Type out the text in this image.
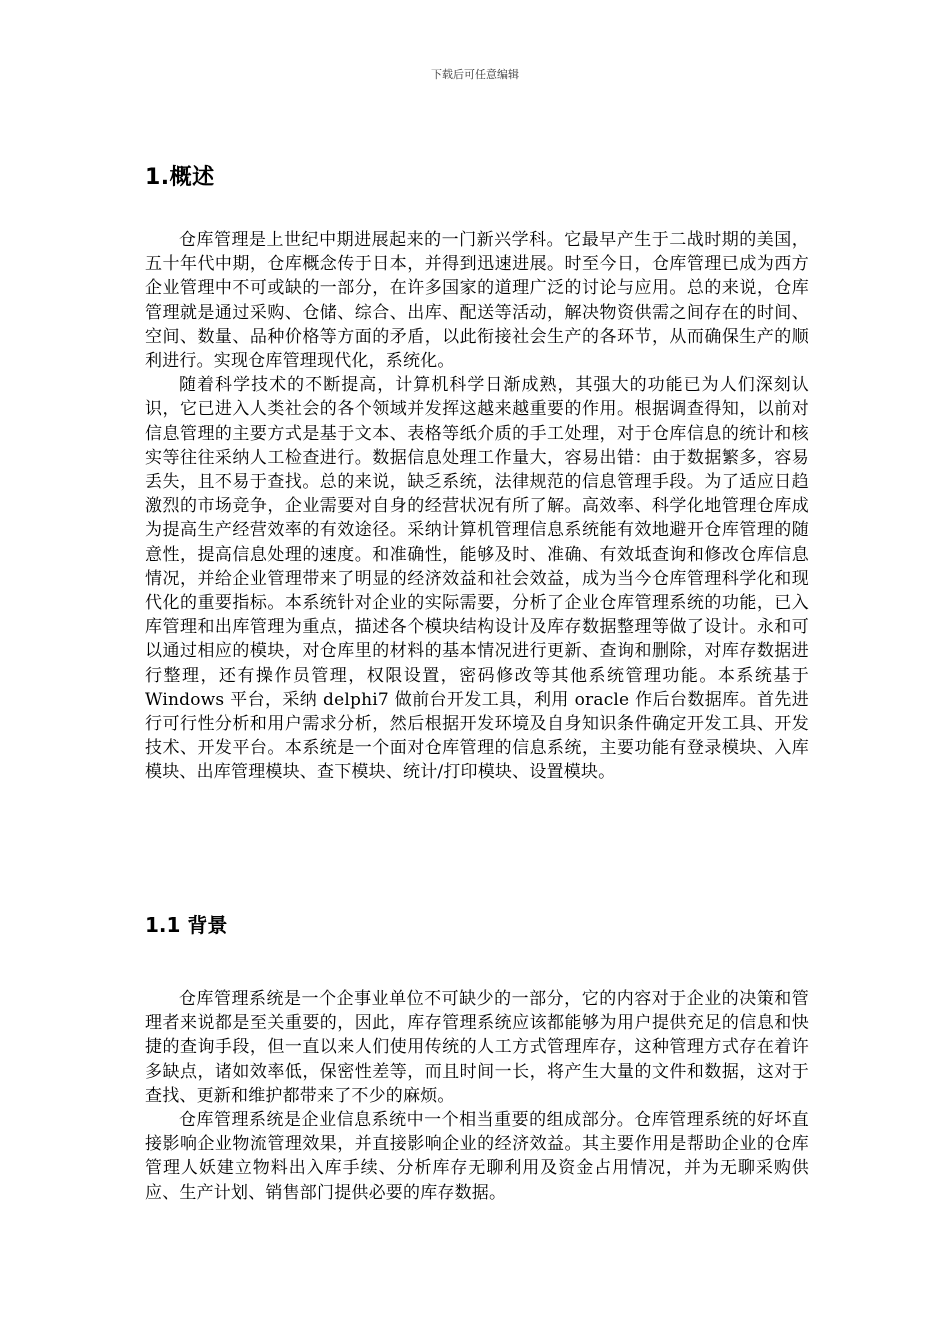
下载后可任意编辑
1.概述

仓库管理是上世纪中期进展起来的一门新兴学科。它最早产生于二战时期的美国，五十年代中期，仓库概念传于日本，并得到迅速进展。时至今日，仓库管理已成为西方企业管理中不可或缺的一部分，在许多国家的道理广泛的讨论与应用。总的来说，仓库管理就是通过采购、仓储、综合、出库、配送等活动，解决物资供需之间存在的时间、空间、数量、品种价格等方面的矛盾，以此衔接社会生产的各环节，从而确保生产的顺利进行。实现仓库管理现代化，系统化。

随着科学技术的不断提高，计算机科学日渐成熟，其强大的功能已为人们深刻认识，它已进入人类社会的各个领域并发挥这越来越重要的作用。根据调查得知，以前对信息管理的主要方式是基于文本、表格等纸介质的手工处理，对于仓库信息的统计和核实等往往采纳人工检查进行。数据信息处理工作量大，容易出错：由于数据繁多，容易丢失，且不易于查找。总的来说，缺乏系统，法律规范的信息管理手段。为了适应日趋激烈的市场竞争，企业需要对自身的经营状况有所了解。高效率、科学化地管理仓库成为提高生产经营效率的有效途径。采纳计算机管理信息系统能有效地避开仓库管理的随意性，提高信息处理的速度。和准确性，能够及时、准确、有效坻查询和修改仓库信息情况，并给企业管理带来了明显的经济效益和社会效益，成为当今仓库管理科学化和现代化的重要指标。本系统针对企业的实际需要，分析了企业仓库管理系统的功能，已入库管理和出库管理为重点，描述各个模块结构设计及库存数据整理等做了设计。永和可以通过相应的模块，对仓库里的材料的基本情况进行更新、查询和删除，对库存数据进行整理，还有操作员管理，权限设置，密码修改等其他系统管理功能。本系统基于 Windows 平台，采纳 delphi7 做前台开发工具，利用 oracle 作后台数据库。首先进行可行性分析和用户需求分析，然后根据开发环境及自身知识条件确定开发工具、开发技术、开发平台。本系统是一个面对仓库管理的信息系统，主要功能有登录模块、入库模块、出库管理模块、查下模块、统计/打印模块、设置模块。

1.1 背景

仓库管理系统是一个企事业单位不可缺少的一部分，它的内容对于企业的决策和管理者来说都是至关重要的，因此，库存管理系统应该都能够为用户提供充足的信息和快捷的查询手段，但一直以来人们使用传统的人工方式管理库存，这种管理方式存在着许多缺点，诸如效率低，保密性差等，而且时间一长，将产生大量的文件和数据，这对于查找、更新和维护都带来了不少的麻烦。

仓库管理系统是企业信息系统中一个相当重要的组成部分。仓库管理系统的好坏直接影响企业物流管理效果，并直接影响企业的经济效益。其主要作用是帮助企业的仓库管理人妖建立物料出入库手续、分析库存无聊利用及资金占用情况，并为无聊采购供应、生产计划、销售部门提供必要的库存数据。
